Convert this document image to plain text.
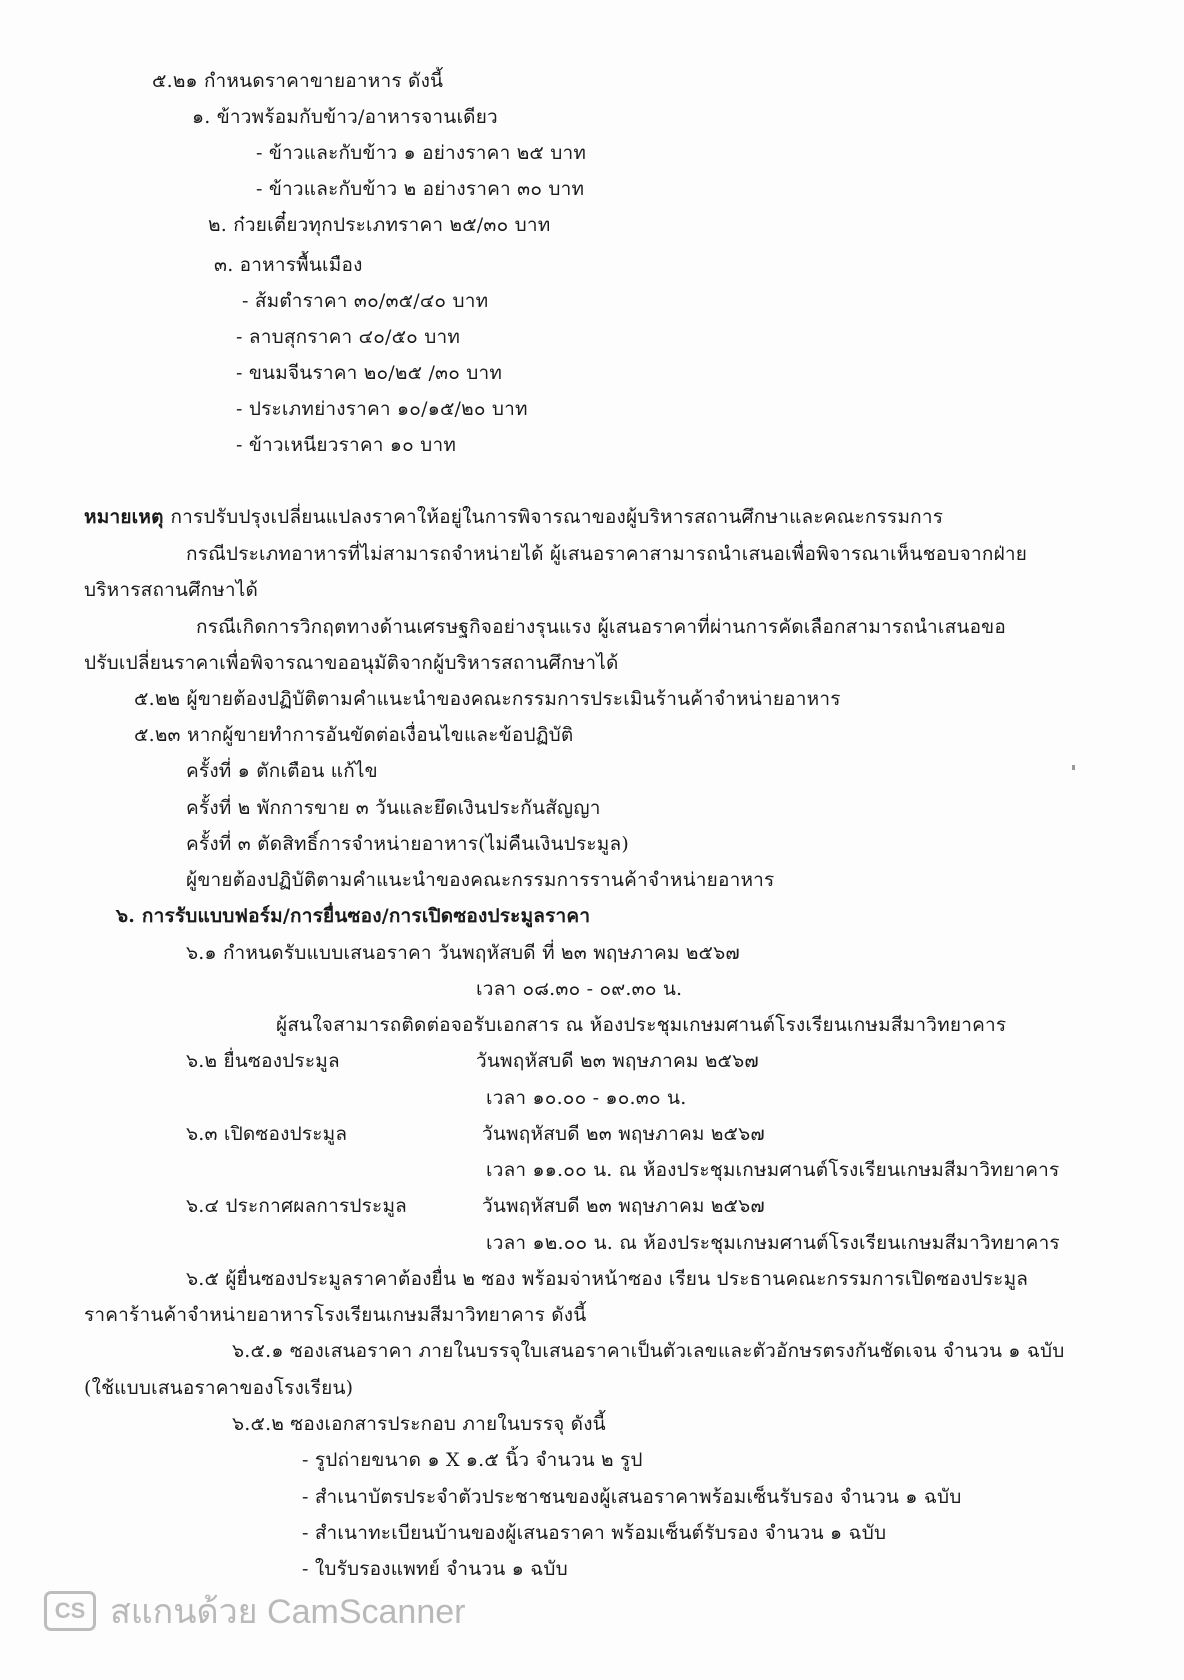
๕.๒๑ กำหนดราคาขายอาหาร ดังนี้
๑. ข้าวพร้อมกับข้าว/อาหารจานเดียว
- ข้าวและกับข้าว ๑ อย่างราคา ๒๕ บาท
- ข้าวและกับข้าว ๒ อย่างราคา ๓๐ บาท
๒. ก๋วยเตี๋ยวทุกประเภทราคา ๒๕/๓๐ บาท
๓. อาหารพื้นเมือง
- ส้มตำราคา ๓๐/๓๕/๔๐ บาท
- ลาบสุกราคา ๔๐/๕๐ บาท
- ขนมจีนราคา ๒๐/๒๕ /๓๐ บาท
- ประเภทย่างราคา ๑๐/๑๕/๒๐ บาท
- ข้าวเหนียวราคา ๑๐ บาท
หมายเหตุ การปรับปรุงเปลี่ยนแปลงราคาให้อยู่ในการพิจารณาของผู้บริหารสถานศึกษาและคณะกรรมการ
กรณีประเภทอาหารที่ไม่สามารถจำหน่ายได้ ผู้เสนอราคาสามารถนำเสนอเพื่อพิจารณาเห็นชอบจากฝ่าย
บริหารสถานศึกษาได้
กรณีเกิดการวิกฤตทางด้านเศรษฐกิจอย่างรุนแรง ผู้เสนอราคาที่ผ่านการคัดเลือกสามารถนำเสนอขอ
ปรับเปลี่ยนราคาเพื่อพิจารณาขออนุมัติจากผู้บริหารสถานศึกษาได้
๕.๒๒ ผู้ขายต้องปฏิบัติตามคำแนะนำของคณะกรรมการประเมินร้านค้าจำหน่ายอาหาร
๕.๒๓ หากผู้ขายทำการอันขัดต่อเงื่อนไขและข้อปฏิบัติ
ครั้งที่ ๑ ตักเตือน แก้ไข
ครั้งที่ ๒ พักการขาย ๓ วันและยึดเงินประกันสัญญา
ครั้งที่ ๓ ตัดสิทธิ์การจำหน่ายอาหาร(ไม่คืนเงินประมูล)
ผู้ขายต้องปฏิบัติตามคำแนะนำของคณะกรรมการรานค้าจำหน่ายอาหาร
๖. การรับแบบฟอร์ม/การยื่นซอง/การเปิดซองประมูลราคา
๖.๑ กำหนดรับแบบเสนอราคา วันพฤหัสบดี ที่ ๒๓ พฤษภาคม ๒๕๖๗
เวลา ๐๘.๓๐ - ๐๙.๓๐ น.
ผู้สนใจสามารถติดต่อจอรับเอกสาร ณ ห้องประชุมเกษมศานต์โรงเรียนเกษมสีมาวิทยาคาร
๖.๒ ยื่นซองประมูล	วันพฤหัสบดี ๒๓ พฤษภาคม ๒๕๖๗
เวลา ๑๐.๐๐ - ๑๐.๓๐ น.
๖.๓ เปิดซองประมูล	วันพฤหัสบดี ๒๓ พฤษภาคม ๒๕๖๗
เวลา ๑๑.๐๐ น. ณ ห้องประชุมเกษมศานต์โรงเรียนเกษมสีมาวิทยาคาร
๖.๔ ประกาศผลการประมูล	วันพฤหัสบดี ๒๓ พฤษภาคม ๒๕๖๗
เวลา ๑๒.๐๐ น. ณ ห้องประชุมเกษมศานต์โรงเรียนเกษมสีมาวิทยาคาร
๖.๕ ผู้ยื่นซองประมูลราคาต้องยื่น ๒ ซอง พร้อมจ่าหน้าซอง เรียน ประธานคณะกรรมการเปิดซองประมูล
ราคาร้านค้าจำหน่ายอาหารโรงเรียนเกษมสีมาวิทยาคาร ดังนี้
๖.๕.๑ ซองเสนอราคา ภายในบรรจุใบเสนอราคาเป็นตัวเลขและตัวอักษรตรงกันชัดเจน จำนวน ๑ ฉบับ
(ใช้แบบเสนอราคาของโรงเรียน)
๖.๕.๒ ซองเอกสารประกอบ ภายในบรรจุ ดังนี้
- รูปถ่ายขนาด ๑ X ๑.๕ นิ้ว จำนวน ๒ รูป
- สำเนาบัตรประจำตัวประชาชนของผู้เสนอราคาพร้อมเซ็นรับรอง จำนวน ๑ ฉบับ
- สำเนาทะเบียนบ้านของผู้เสนอราคา พร้อมเซ็นต์รับรอง จำนวน ๑ ฉบับ
- ใบรับรองแพทย์ จำนวน ๑ ฉบับ
CS สแกนด้วย CamScanner
